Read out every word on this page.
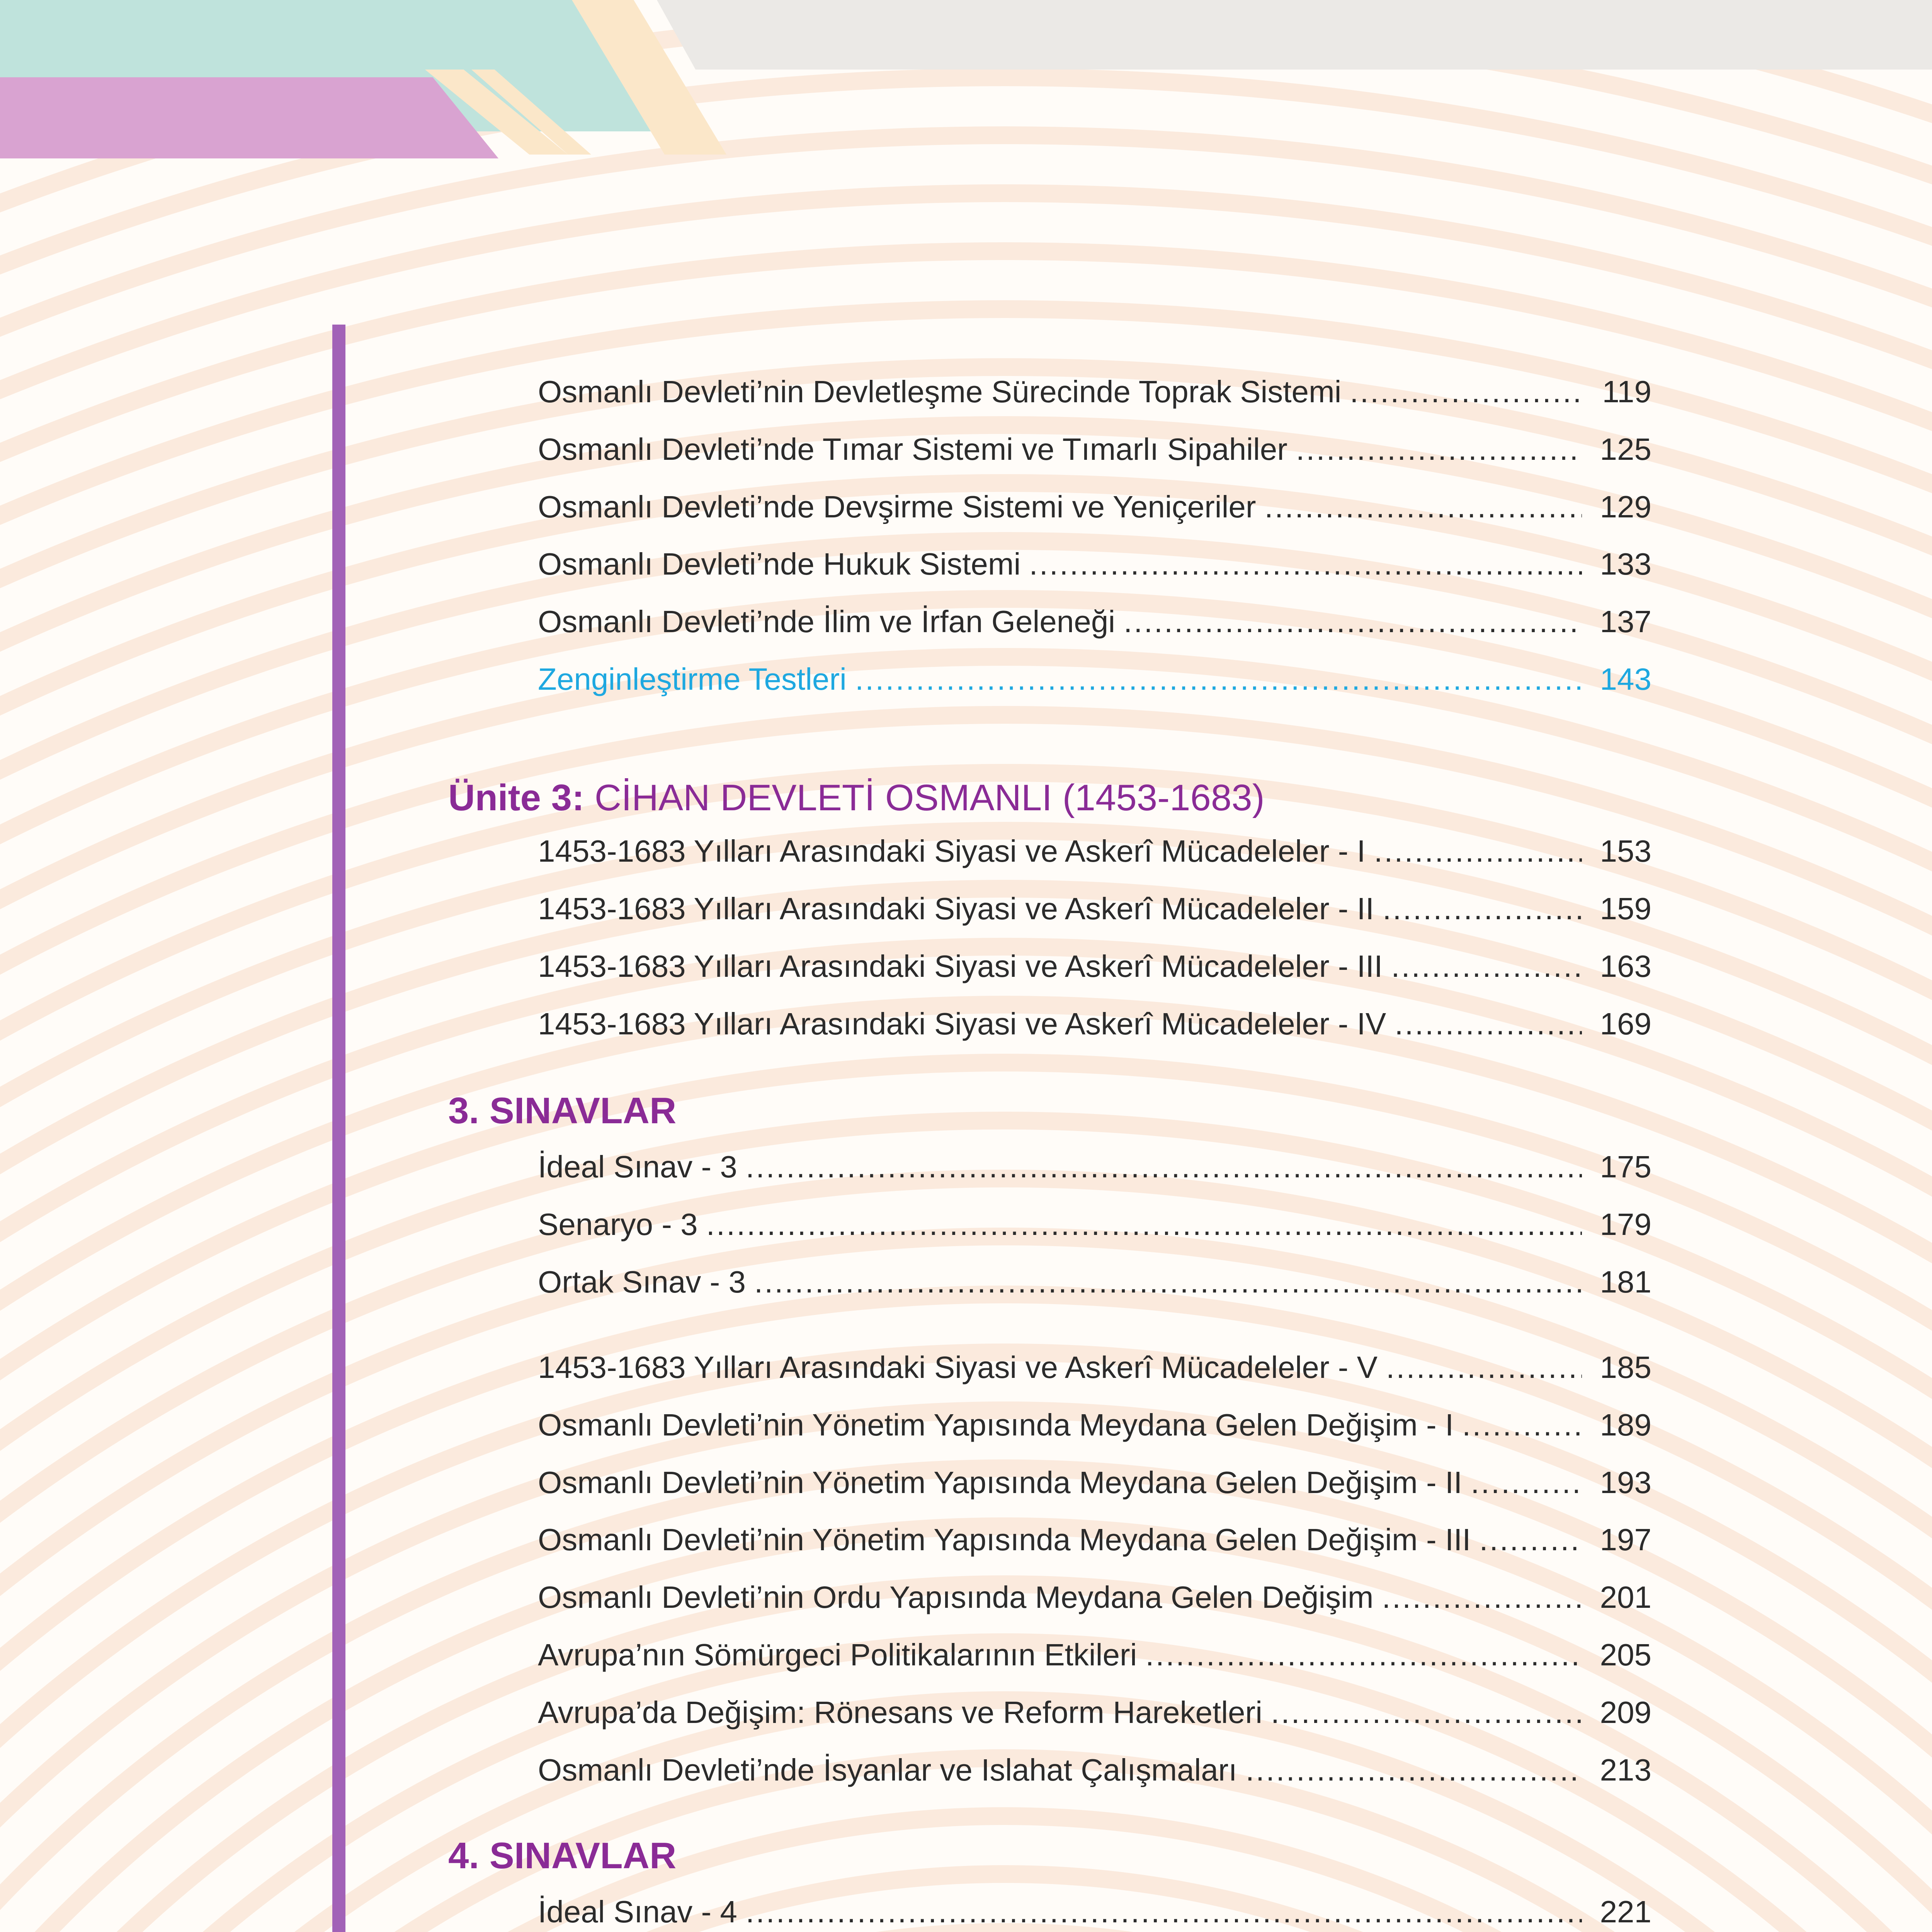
Osmanlı Devleti’nin Devletleşme Sürecinde Toprak Sistemi .....	119
Osmanlı Devleti’nde Tımar Sistemi ve Tımarlı Sipahiler .....	125
Osmanlı Devleti’nde Devşirme Sistemi ve Yeniçeriler .....	129
Osmanlı Devleti’nde Hukuk Sistemi .....	133
Osmanlı Devleti’nde İlim ve İrfan Geleneği .....	137
Zenginleştirme Testleri .....	143
Ünite 3: CİHAN DEVLETİ OSMANLI (1453-1683)
1453-1683 Yılları Arasındaki Siyasi ve Askerî Mücadeleler - I .....	153
1453-1683 Yılları Arasındaki Siyasi ve Askerî Mücadeleler - II .....	159
1453-1683 Yılları Arasındaki Siyasi ve Askerî Mücadeleler - III .....	163
1453-1683 Yılları Arasındaki Siyasi ve Askerî Mücadeleler - IV .....	169
3. SINAVLAR
İdeal Sınav - 3 .....	175
Senaryo - 3 .....	179
Ortak Sınav - 3 .....	181
1453-1683 Yılları Arasındaki Siyasi ve Askerî Mücadeleler - V .....	185
Osmanlı Devleti’nin Yönetim Yapısında Meydana Gelen Değişim - I .....	189
Osmanlı Devleti’nin Yönetim Yapısında Meydana Gelen Değişim - II .....	193
Osmanlı Devleti’nin Yönetim Yapısında Meydana Gelen Değişim - III .....	197
Osmanlı Devleti’nin Ordu Yapısında Meydana Gelen Değişim .....	201
Avrupa’nın Sömürgeci Politikalarının Etkileri .....	205
Avrupa’da Değişim: Rönesans ve Reform Hareketleri .....	209
Osmanlı Devleti’nde İsyanlar ve Islahat Çalışmaları .....	213
4. SINAVLAR
İdeal Sınav - 4 .....	221
